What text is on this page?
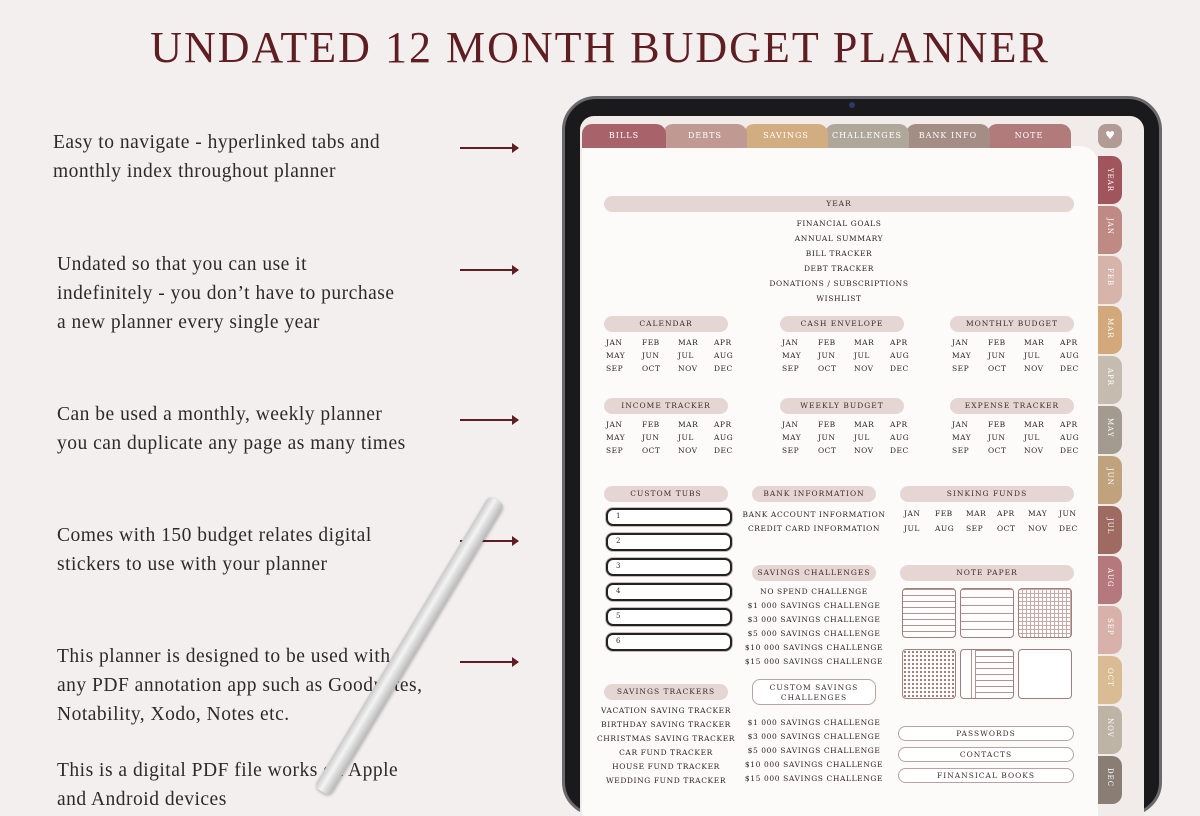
UNDATED 12 MONTH BUDGET PLANNER
Easy to navigate - hyperlinked tabs and
monthly index throughout planner
Undated so that you can use it
indefinitely - you don’t have to purchase
a new planner every single year
Can be used a monthly, weekly planner
you can duplicate any page as many times
Comes with 150 budget relates digital
stickers to use with your planner
This planner is designed to be used with
any PDF annotation app such as Goodnotes,
Notability, Xodo, Notes etc.
This is a digital PDF file works on Apple
and Android devices
BILLS	DEBTS	SAVINGS	CHALLENGES	BANK INFO	NOTE	♥
YEAR
JAN
FEB
MAR
APR
MAY
JUN
JUL
AUG
SEP
OCT
NOV
DEC
YEAR
FINANCIAL GOALS
ANNUAL SUMMARY
BILL TRACKER
DEBT TRACKER
DONATIONS / SUBSCRIPTIONS
WISHLIST
CALENDAR
JAN	FEB	MAR	APR
MAY	JUN	JUL	AUG
SEP	OCT	NOV	DEC
CASH ENVELOPE
JAN	FEB	MAR	APR
MAY	JUN	JUL	AUG
SEP	OCT	NOV	DEC
MONTHLY BUDGET
JAN	FEB	MAR	APR
MAY	JUN	JUL	AUG
SEP	OCT	NOV	DEC
INCOME TRACKER
JAN	FEB	MAR	APR
MAY	JUN	JUL	AUG
SEP	OCT	NOV	DEC
WEEKLY BUDGET
JAN	FEB	MAR	APR
MAY	JUN	JUL	AUG
SEP	OCT	NOV	DEC
EXPENSE TRACKER
JAN	FEB	MAR	APR
MAY	JUN	JUL	AUG
SEP	OCT	NOV	DEC
CUSTOM TUBS
1
2
3
4
5
6
BANK INFORMATION
BANK ACCOUNT INFORMATION
CREDIT CARD INFORMATION
SINKING FUNDS
JAN	FEB	MAR	APR	MAY	JUN
JUL	AUG	SEP	OCT	NOV	DEC
SAVINGS CHALLENGES
NO SPEND CHALLENGE
$1 000 SAVINGS CHALLENGE
$3 000 SAVINGS CHALLENGE
$5 000 SAVINGS CHALLENGE
$10 000 SAVINGS CHALLENGE
$15 000 SAVINGS CHALLENGE
NOTE PAPER
SAVINGS TRACKERS
VACATION SAVING TRACKER
BIRTHDAY SAVING TRACKER
CHRISTMAS SAVING TRACKER
CAR FUND TRACKER
HOUSE FUND TRACKER
WEDDING FUND TRACKER
CUSTOM SAVINGS
CHALLENGES
$1 000 SAVINGS CHALLENGE
$3 000 SAVINGS CHALLENGE
$5 000 SAVINGS CHALLENGE
$10 000 SAVINGS CHALLENGE
$15 000 SAVINGS CHALLENGE
PASSWORDS
CONTACTS
FINANSICAL BOOKS
